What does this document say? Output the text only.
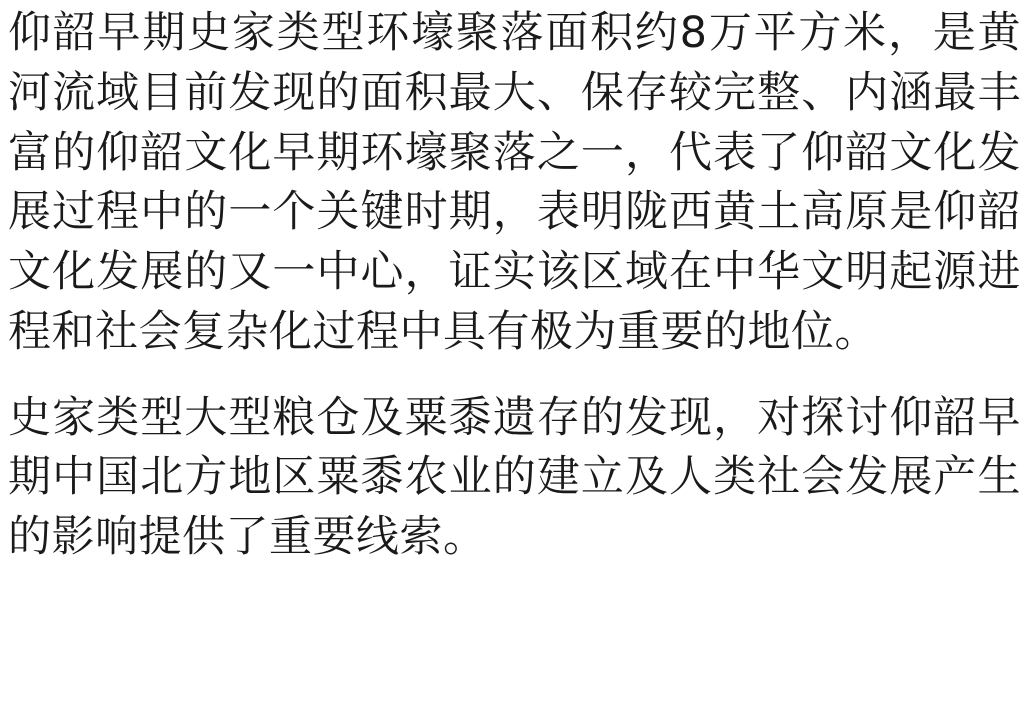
仰韶早期史家类型环壕聚落面积约8万平方米，是黄河流域目前发现的面积最大、保存较完整、内涵最丰富的仰韶文化早期环壕聚落之一，代表了仰韶文化发展过程中的一个关键时期，表明陇西黄土高原是仰韶文化发展的又一中心，证实该区域在中华文明起源进程和社会复杂化过程中具有极为重要的地位。

史家类型大型粮仓及粟黍遗存的发现，对探讨仰韶早期中国北方地区粟黍农业的建立及人类社会发展产生的影响提供了重要线索。
